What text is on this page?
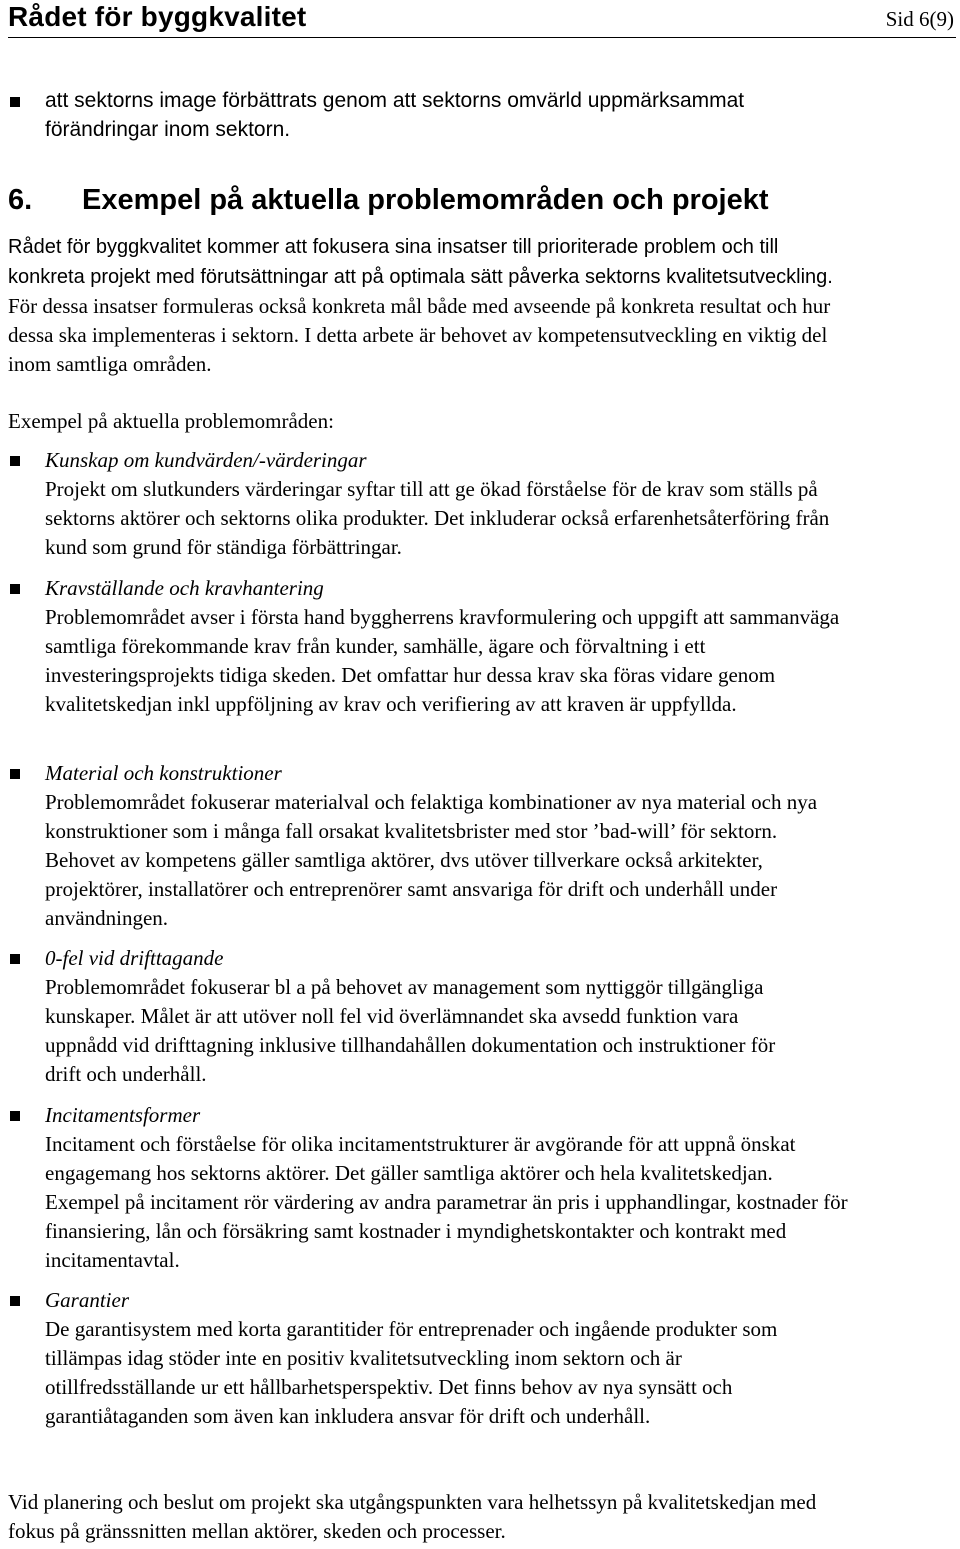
Rådet för byggkvalitet	Sid 6(9)
att sektorns image förbättrats genom att sektorns omvärld uppmärksammat förändringar inom sektorn.
6. Exempel på aktuella problemområden och projekt
Rådet för byggkvalitet kommer att fokusera sina insatser till prioriterade problem och till konkreta projekt med förutsättningar att på optimala sätt påverka sektorns kvalitetsutveckling. För dessa insatser formuleras också konkreta mål både med avseende på konkreta resultat och hur dessa ska implementeras i sektorn. I detta arbete är behovet av kompetensutveckling en viktig del inom samtliga områden.
Exempel på aktuella problemområden:
Kunskap om kundvärden/-värderingar
Projekt om slutkunders värderingar syftar till att ge ökad förståelse för de krav som ställs på sektorns aktörer och sektorns olika produkter. Det inkluderar också erfarenhetsåterföring från kund som grund för ständiga förbättringar.
Kravställande och kravhantering
Problemområdet avser i första hand byggherrens kravformulering och uppgift att sammanväga samtliga förekommande krav från kunder, samhälle, ägare och förvaltning i ett investeringsprojekts tidiga skeden. Det omfattar hur dessa krav ska föras vidare genom kvalitetskedjan inkl uppföljning av krav och verifiering av att kraven är uppfyllda.
Material och konstruktioner
Problemområdet fokuserar materialval och felaktiga kombinationer av nya material och nya konstruktioner som i många fall orsakat kvalitetsbrister med stor ’bad-will’ för sektorn. Behovet av kompetens gäller samtliga aktörer, dvs utöver tillverkare också arkitekter, projektörer, installatörer och entreprenörer samt ansvariga för drift och underhåll under användningen.
0-fel vid drifttagande
Problemområdet fokuserar bl a på behovet av management som nyttiggör tillgängliga kunskaper. Målet är att utöver noll fel vid överlämnandet ska avsedd funktion vara uppnådd vid drifttagning inklusive tillhandahållen dokumentation och instruktioner för drift och underhåll.
Incitamentsformer
Incitament och förståelse för olika incitamentstrukturer är avgörande för att uppnå önskat engagemang hos sektorns aktörer. Det gäller samtliga aktörer och hela kvalitetskedjan. Exempel på incitament rör värdering av andra parametrar än pris i upphandlingar, kostnader för finansiering, lån och försäkring samt kostnader i myndighetskontakter och kontrakt med incitamentavtal.
Garantier
De garantisystem med korta garantitider för entreprenader och ingående produkter som tillämpas idag stöder inte en positiv kvalitetsutveckling inom sektorn och är otillfredsställande ur ett hållbarhetsperspektiv. Det finns behov av nya synsätt och garantiåtaganden som även kan inkludera ansvar för drift och underhåll.
Vid planering och beslut om projekt ska utgångspunkten vara helhetssyn på kvalitetskedjan med fokus på gränssnitten mellan aktörer, skeden och processer.
